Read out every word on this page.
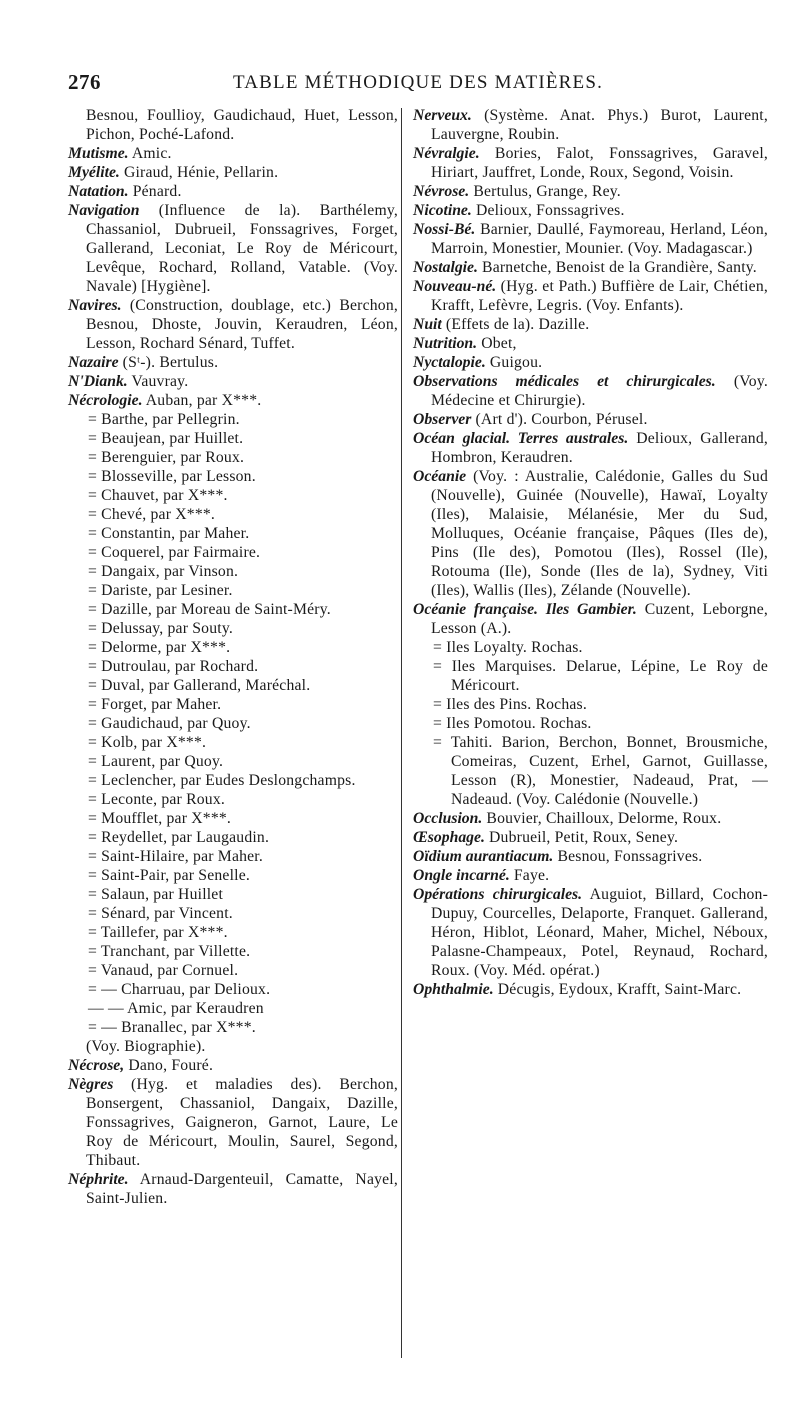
276	TABLE MÉTHODIQUE DES MATIÈRES.
Besnou, Foullioy, Gaudichaud, Huet, Lesson, Pichon, Poché-Lafond.
Mutisme. Amic.
Myélite. Giraud, Hénie, Pellarin.
Natation. Pénard.
Navigation (Influence de la). Barthélemy, Chassaniol, Dubrueil, Fonssagrives, Forget, Gallerand, Leconiat, Le Roy de Méricourt, Levêque, Rochard, Rolland, Vatable. (Voy. Navale) [Hygiène].
Navires. (Construction, doublage, etc.) Berchon, Besnou, Dhoste, Jouvin, Keraudren, Léon, Lesson, Rochard Sénard, Tuffet.
Nazaire (Sᵗ-). Bertulus.
N'Diank. Vauvray.
Nécrologie. Auban, par X***.
= Barthe, par Pellegrin.
= Beaujean, par Huillet.
= Berenguier, par Roux.
= Blosseville, par Lesson.
= Chauvet, par X***.
= Chevé, par X***.
= Constantin, par Maher.
= Coquerel, par Fairmaire.
= Dangaix, par Vinson.
= Dariste, par Lesiner.
= Dazille, par Moreau de Saint-Méry.
= Delussay, par Souty.
= Delorme, par X***.
= Dutroulau, par Rochard.
= Duval, par Gallerand, Maréchal.
= Forget, par Maher.
= Gaudichaud, par Quoy.
= Kolb, par X***.
= Laurent, par Quoy.
= Leclencher, par Eudes Deslongchamps.
= Leconte, par Roux.
= Moufflet, par X***.
= Reydellet, par Laugaudin.
= Saint-Hilaire, par Maher.
= Saint-Pair, par Senelle.
= Salaun, par Huillet
= Sénard, par Vincent.
= Taillefer, par X***.
= Tranchant, par Villette.
= Vanaud, par Cornuel.
= — Charruau, par Delioux.
— — Amic, par Keraudren
= — Branallec, par X***.
(Voy. Biographie).
Nécrose, Dano, Fouré.
Nègres (Hyg. et maladies des). Berchon, Bonsergent, Chassaniol, Dangaix, Dazille, Fonssagrives, Gaigneron, Garnot, Laure, Le Roy de Méricourt, Moulin, Saurel, Segond, Thibaut.
Néphrite. Arnaud-Dargenteuil, Camatte, Nayel, Saint-Julien.
Nerveux. (Système. Anat. Phys.) Burot, Laurent, Lauvergne, Roubin.
Névralgie. Bories, Falot, Fonssagrives, Garavel, Hiriart, Jauffret, Londe, Roux, Segond, Voisin.
Névrose. Bertulus, Grange, Rey.
Nicotine. Delioux, Fonssagrives.
Nossi-Bé. Barnier, Daullé, Faymoreau, Herland, Léon, Marroin, Monestier, Mounier. (Voy. Madagascar.)
Nostalgie. Barnetche, Benoist de la Grandière, Santy.
Nouveau-né. (Hyg. et Path.) Buffière de Lair, Chétien, Krafft, Lefèvre, Legris. (Voy. Enfants).
Nuit (Effets de la). Dazille.
Nutrition. Obet,
Nyctalopie. Guigou.
Observations médicales et chirurgicales. (Voy. Médecine et Chirurgie).
Observer (Art d'). Courbon, Pérusel.
Océan glacial. Terres australes. Delioux, Gallerand, Hombron, Keraudren.
Océanie (Voy. : Australie, Calédonie, Galles du Sud (Nouvelle), Guinée (Nouvelle), Hawaï, Loyalty (Iles), Malaisie, Mélanésie, Mer du Sud, Molluques, Océanie française, Pâques (Iles de), Pins (Ile des), Pomotou (Iles), Rossel (Ile), Rotouma (Ile), Sonde (Iles de la), Sydney, Viti (Iles), Wallis (Iles), Zélande (Nouvelle).
Océanie française. Iles Gambier. Cuzent, Leborgne, Lesson (A.).
= Iles Loyalty. Rochas.
= Iles Marquises. Delarue, Lépine, Le Roy de Méricourt.
= Iles des Pins. Rochas.
= Iles Pomotou. Rochas.
= Tahiti. Barion, Berchon, Bonnet, Brousmiche, Comeiras, Cuzent, Erhel, Garnot, Guillasse, Lesson (R), Monestier, Nadeaud, Prat, — Nadeaud. (Voy. Calédonie (Nouvelle.)
Occlusion. Bouvier, Chailloux, Delorme, Roux.
Œsophage. Dubrueil, Petit, Roux, Seney.
Oïdium aurantiacum. Besnou, Fonssagrives.
Ongle incarné. Faye.
Opérations chirurgicales. Auguiot, Billard, Cochon-Dupuy, Courcelles, Delaporte, Franquet. Gallerand, Héron, Hiblot, Léonard, Maher, Michel, Néboux, Palasne-Champeaux, Potel, Reynaud, Rochard, Roux. (Voy. Méd. opérat.)
Ophthalmie. Décugis, Eydoux, Krafft, Saint-Marc.
